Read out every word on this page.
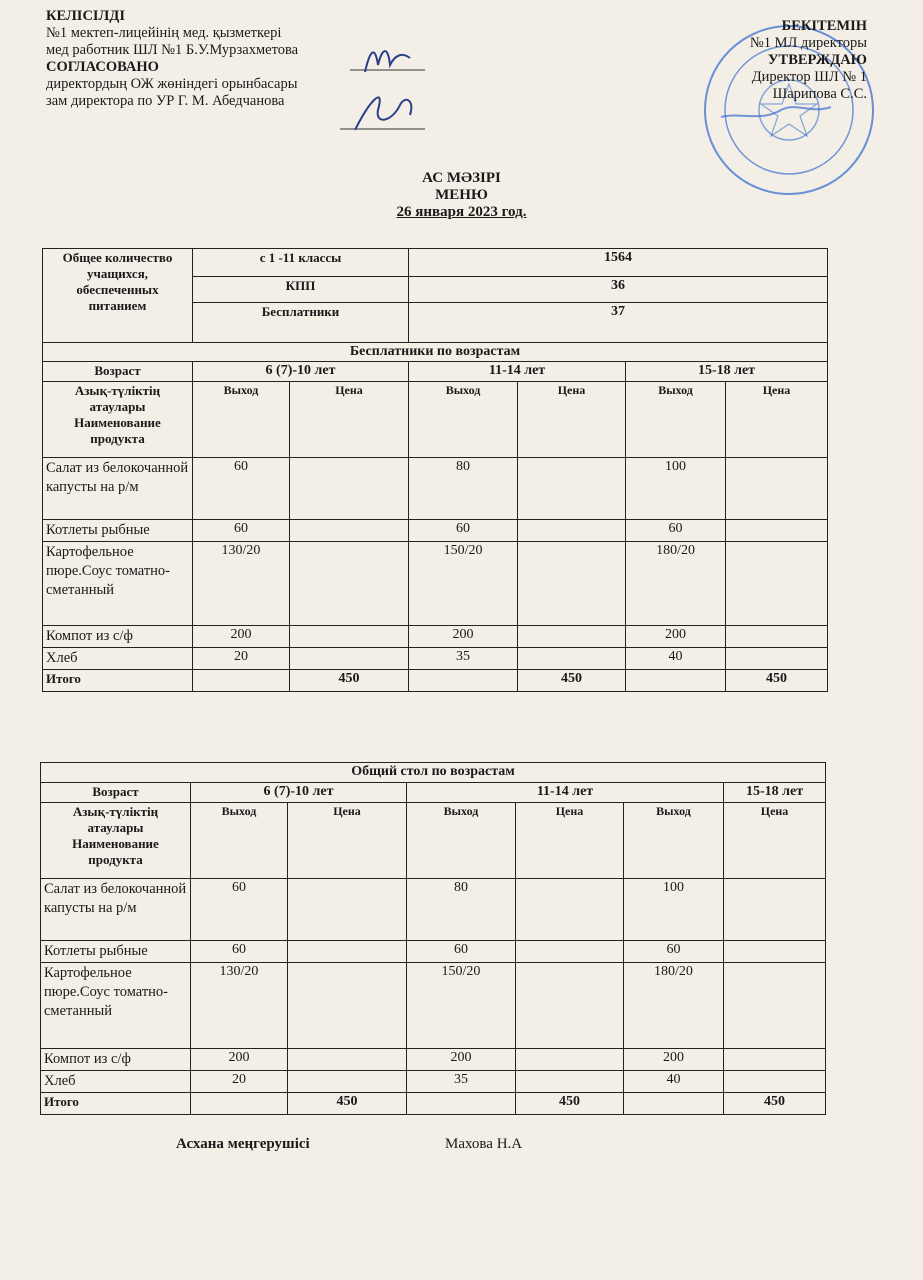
КЕЛІСІЛДІ
№1 мектеп-лицейінің мед. қызметкері
мед работник ШЛ №1 Б.У.Мурзахметова
СОГЛАСОВАНО
директордың ОЖ жөніндегі орынбасары
зам директора по УР Г. М. Абедчанова
БЕКІТЕМІН
№1 МЛ директоры
УТВЕРЖДАЮ
Директор ШЛ № 1
Шарипова С.С.
АС МӘЗІРІ
МЕНЮ
26 января 2023 год.
Общее количество учащихся, обеспеченных питанием	с 1 -11 классы		1564			
	КПП		36			
	Бесплатники		37			
Бесплатники по возрастам						
Возраст	6 (7)-10 лет		11-14 лет		15-18 лет	
Азық-түліктің атаулары Наименование продукта	Выход	Цена	Выход	Цена	Выход	Цена
Салат из белокочанной капусты на р/м	60		80		100	
Котлеты рыбные	60		60		60	
Картофельное пюре.Соус томатно-сметанный	130/20		150/20		180/20	
Компот из с/ф	200		200		200	
Хлеб	20		35		40	
Итого		450		450		450
Общий стол по возрастам						
Возраст	6 (7)-10 лет		11-14 лет			15-18 лет
Азық-түліктің атаулары Наименование продукта	Выход	Цена	Выход	Цена	Выход	Цена
Салат из белокочанной капусты на р/м	60		80		100	
Котлеты рыбные	60		60		60	
Картофельное пюре.Соус томатно-сметанный	130/20		150/20		180/20	
Компот из с/ф	200		200		200	
Хлеб	20		35		40	
Итого		450		450		450
Асхана меңгерушісі	Махова Н.А
